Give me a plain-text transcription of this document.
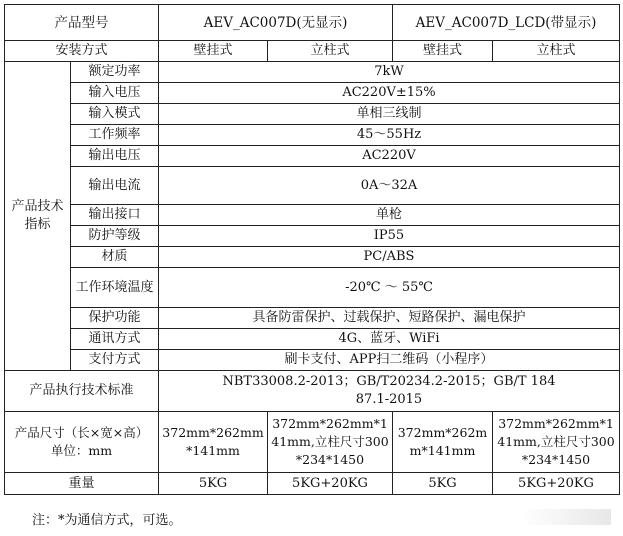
产品型号		AEV_AC007D(无显示)		AEV_AC007D_LCD(带显示)	
安装方式		壁挂式	立柱式	壁挂式	立柱式
产品技术指标	额定功率	7kW			
	输入电压	AC220V±15%			
	输入模式	单相三线制			
	工作频率	45～55Hz			
	输出电压	AC220V			
	输出电流	0A～32A			
	输出接口	单枪			
	防护等级	IP55			
	材质	PC/ABS			
	工作环境温度	-20℃ ～ 55℃			
	保护功能	具备防雷保护、过载保护、短路保护、漏电保护			
	通讯方式	4G、蓝牙、WiFi			
	支付方式	刷卡支付、APP扫二维码（小程序）			
产品执行技术标准		NBT33008.2-2013；GB/T20234.2-2015；GB/T 18487.1-2015			
产品尺寸（长×宽×高）单位：mm		372mm*262mm*141mm	372mm*262mm*141mm,立柱尺寸300*234*1450	372mm*262mm*141mm	372mm*262mm*141mm,立柱尺寸300*234*1450
重量		5KG	5KG+20KG	5KG	5KG+20KG
注：*为通信方式，可选。
